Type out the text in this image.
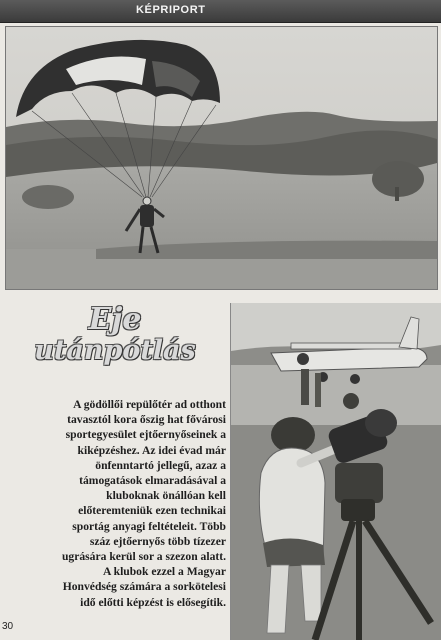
KÉPRIPORT
Eje
utánpótlás
A gödöllői repülőtér ad otthont
tavasztól kora őszig hat fővárosi
sportegyesület ejtőernyőseinek a
kiképzéshez. Az idei évad már
önfenntartó jellegű, azaz a
támogatások elmaradásával a
kluboknak önállóan kell
előteremteniük ezen technikai
sportág anyagi feltételeit. Több
száz ejtőernyős több tízezer
ugrására kerül sor a szezon alatt.
A klubok ezzel a Magyar
Honvédség számára a sorkötelesi
idő előtti képzést is elősegítik.
30
